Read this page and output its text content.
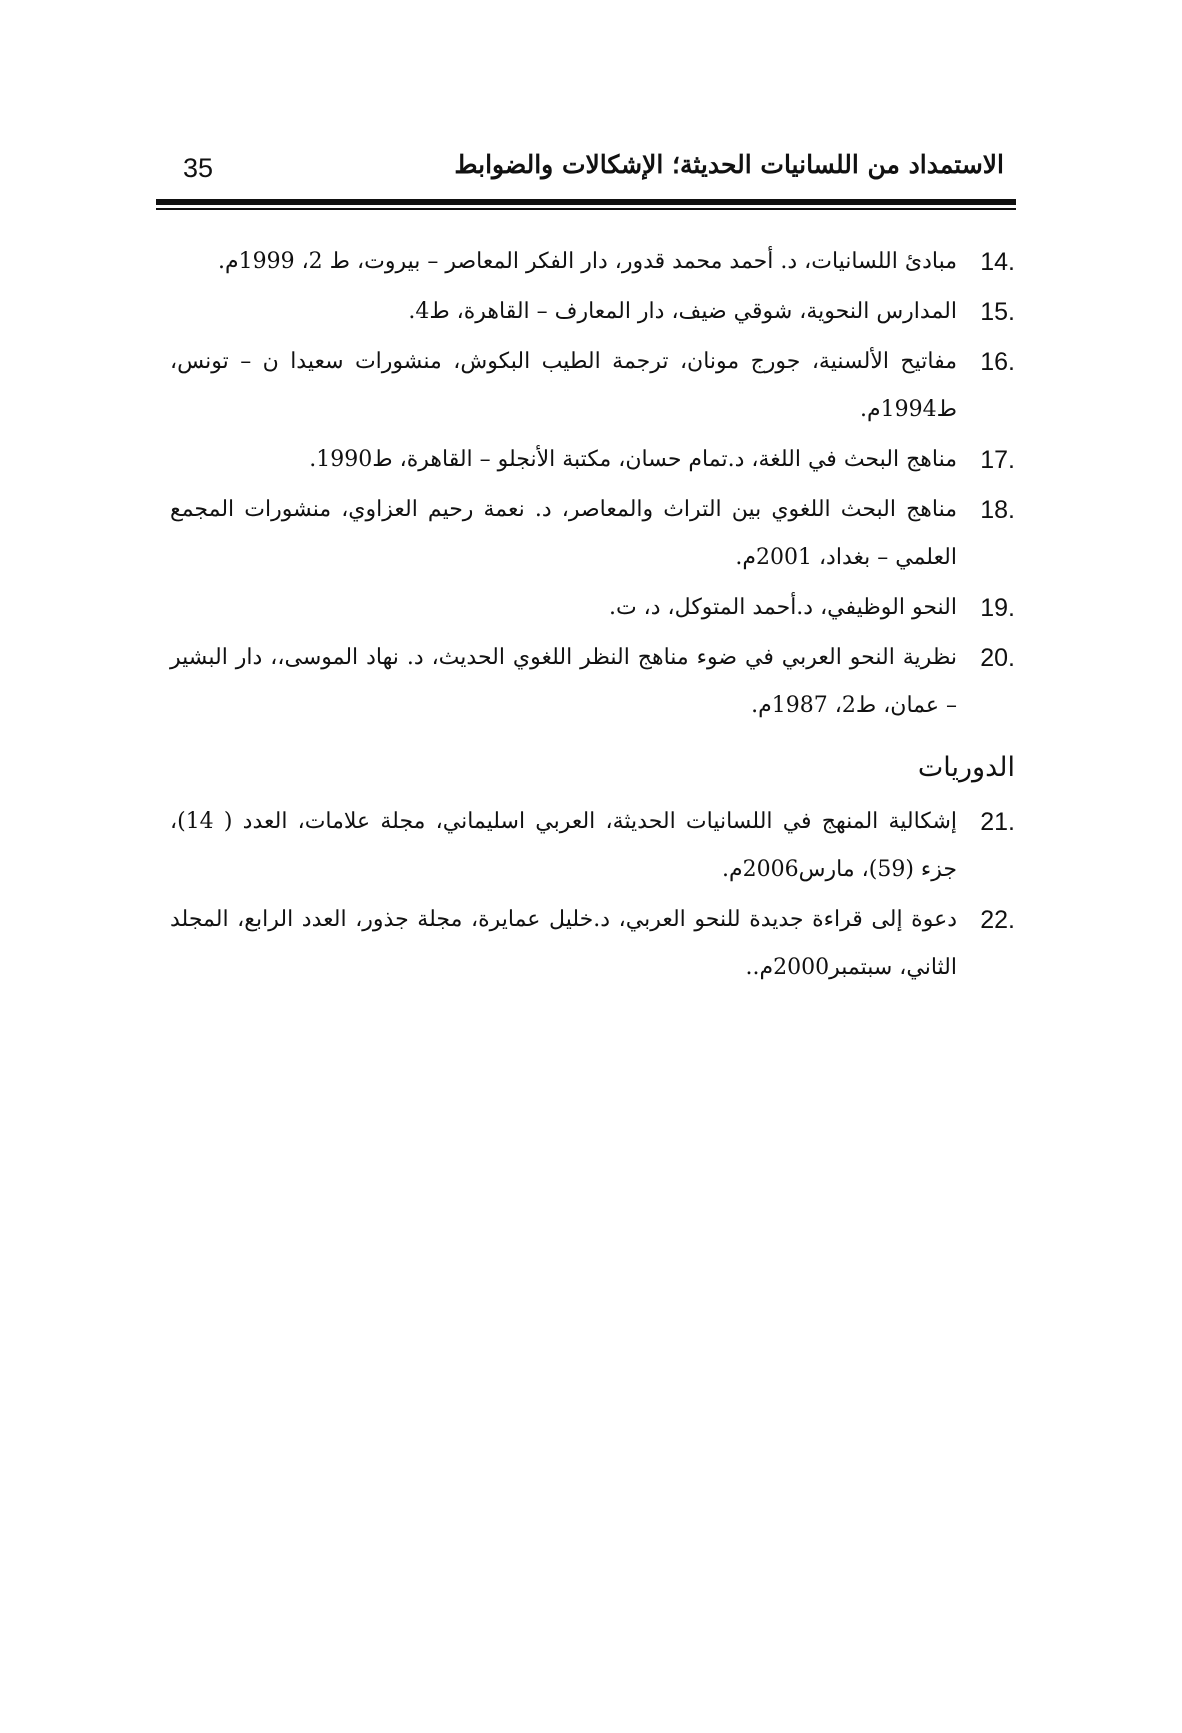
الاستمداد من اللسانيات الحديثة؛ الإشكالات والضوابط
35
14.
مبادئ اللسانيات، د. أحمد محمد قدور، دار الفكر المعاصر – بيروت، ط 2، 1999م.
15.
المدارس النحوية، شوقي ضيف، دار المعارف – القاهرة، ط4.
16.
مفاتيح الألسنية، جورج مونان، ترجمة الطيب البكوش، منشورات سعيدا ن – تونس، ط1994م.
17.
مناهج البحث في اللغة، د.تمام حسان، مكتبة الأنجلو – القاهرة، ط1990.
18.
مناهج البحث اللغوي بين التراث والمعاصر، د. نعمة رحيم العزاوي، منشورات المجمع العلمي – بغداد، 2001م.
19.
النحو الوظيفي، د.أحمد المتوكل، د، ت.
20.
نظرية النحو العربي في ضوء مناهج النظر اللغوي الحديث، د. نهاد الموسى،، دار البشير – عمان، ط2، 1987م.
الدوريات
21.
إشكالية المنهج في اللسانيات الحديثة، العربي اسليماني، مجلة علامات، العدد ( 14)، جزء (59)، مارس2006م.
22.
دعوة إلى قراءة جديدة للنحو العربي، د.خليل عمايرة، مجلة جذور، العدد الرابع، المجلد الثاني، سبتمبر2000م..
